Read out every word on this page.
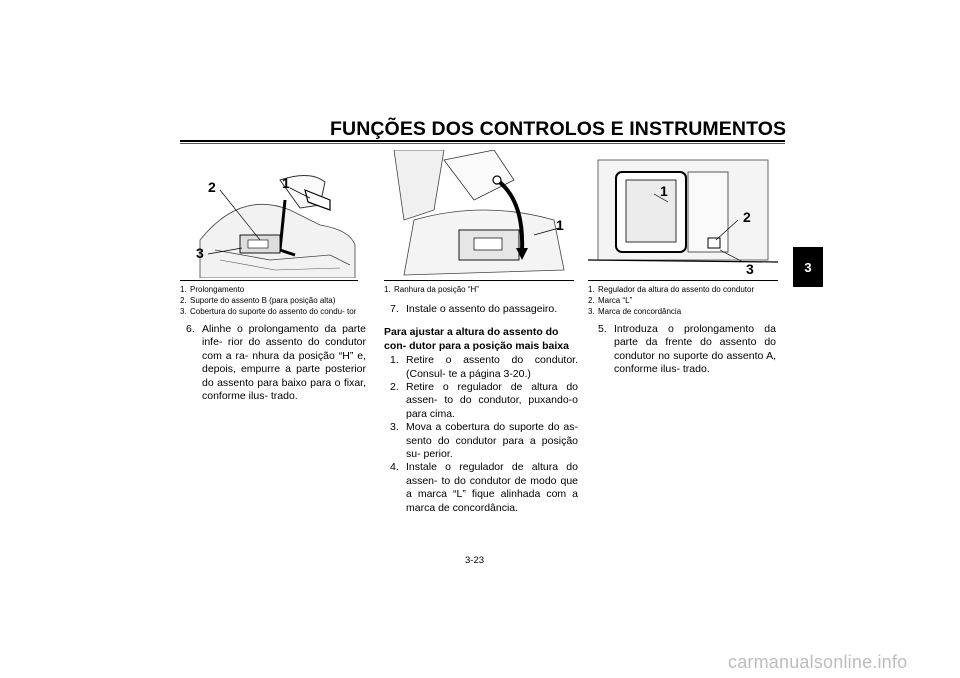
FUNÇÕES DOS CONTROLOS E INSTRUMENTOS
3
2	1
3
1. Prolongamento
2. Suporte do assento B (para posição alta)
3. Cobertura do suporte do assento do condu- tor
1
1. Ranhura da posição “H”
1
2
3
1. Regulador da altura do assento do condutor
2. Marca “L”
3. Marca de concordância
6. Alinhe o prolongamento da parte infe- rior do assento do condutor com a ra- nhura da posição “H” e, depois, empurre a parte posterior do assento para baixo para o fixar, conforme ilus- trado.
7. Instale o assento do passageiro.
Para ajustar a altura do assento do con- dutor para a posição mais baixa
1. Retire o assento do condutor. (Consul- te a página 3-20.)
2. Retire o regulador de altura do assen- to do condutor, puxando-o para cima.
3. Mova a cobertura do suporte do as- sento do condutor para a posição su- perior.
4. Instale o regulador de altura do assen- to do condutor de modo que a marca “L” fique alinhada com a marca de concordância.
5. Introduza o prolongamento da parte da frente do assento do condutor no suporte do assento A, conforme ilus- trado.
3-23
carmanualsonline.info
